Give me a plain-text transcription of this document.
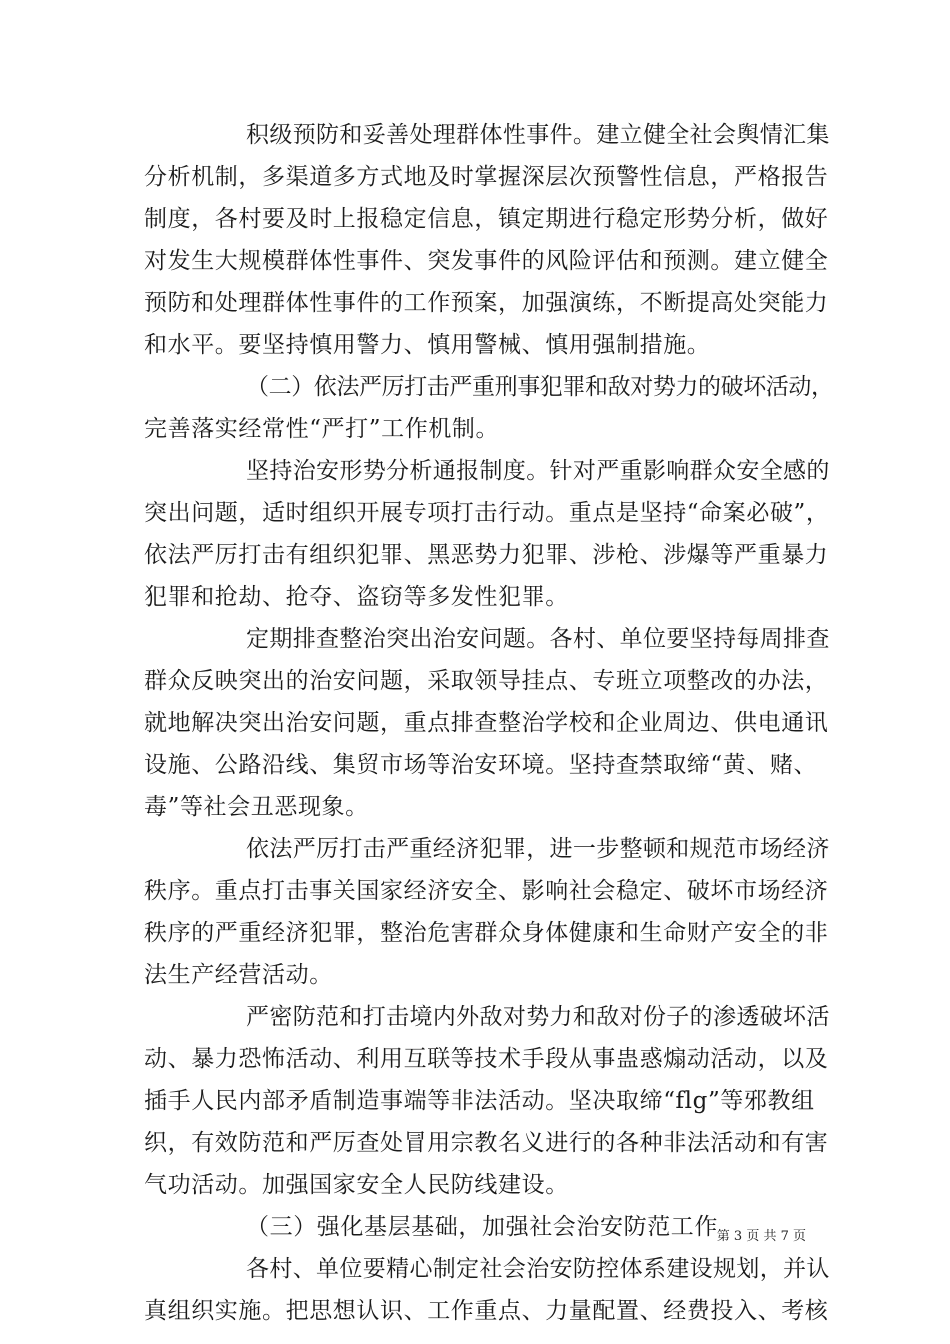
积级预防和妥善处理群体性事件。建立健全社会舆情汇集
分析机制，多渠道多方式地及时掌握深层次预警性信息，严格报告
制度，各村要及时上报稳定信息，镇定期进行稳定形势分析，做好
对发生大规模群体性事件、突发事件的风险评估和预测。建立健全
预防和处理群体性事件的工作预案，加强演练，不断提高处突能力
和水平。要坚持慎用警力、慎用警械、慎用强制措施。
（二）依法严厉打击严重刑事犯罪和敌对势力的破坏活动，
完善落实经常性“严打”工作机制。
坚持治安形势分析通报制度。针对严重影响群众安全感的
突出问题，适时组织开展专项打击行动。重点是坚持“命案必破”，
依法严厉打击有组织犯罪、黑恶势力犯罪、涉枪、涉爆等严重暴力
犯罪和抢劫、抢夺、盗窃等多发性犯罪。
定期排查整治突出治安问题。各村、单位要坚持每周排查
群众反映突出的治安问题，采取领导挂点、专班立项整改的办法，
就地解决突出治安问题，重点排查整治学校和企业周边、供电通讯
设施、公路沿线、集贸市场等治安环境。坚持查禁取缔“黄、赌、
毒”等社会丑恶现象。
依法严厉打击严重经济犯罪，进一步整顿和规范市场经济
秩序。重点打击事关国家经济安全、影响社会稳定、破坏市场经济
秩序的严重经济犯罪，整治危害群众身体健康和生命财产安全的非
法生产经营活动。
严密防范和打击境内外敌对势力和敌对份子的渗透破坏活
动、暴力恐怖活动、利用互联等技术手段从事蛊惑煽动活动，以及
插手人民内部矛盾制造事端等非法活动。坚决取缔“flg”等邪教组
织，有效防范和严厉查处冒用宗教名义进行的各种非法活动和有害
气功活动。加强国家安全人民防线建设。
（三）强化基层基础，加强社会治安防范工作
各村、单位要精心制定社会治安防控体系建设规划，并认
真组织实施。把思想认识、工作重点、力量配置、经费投入、考核
第 3 页 共 7 页
